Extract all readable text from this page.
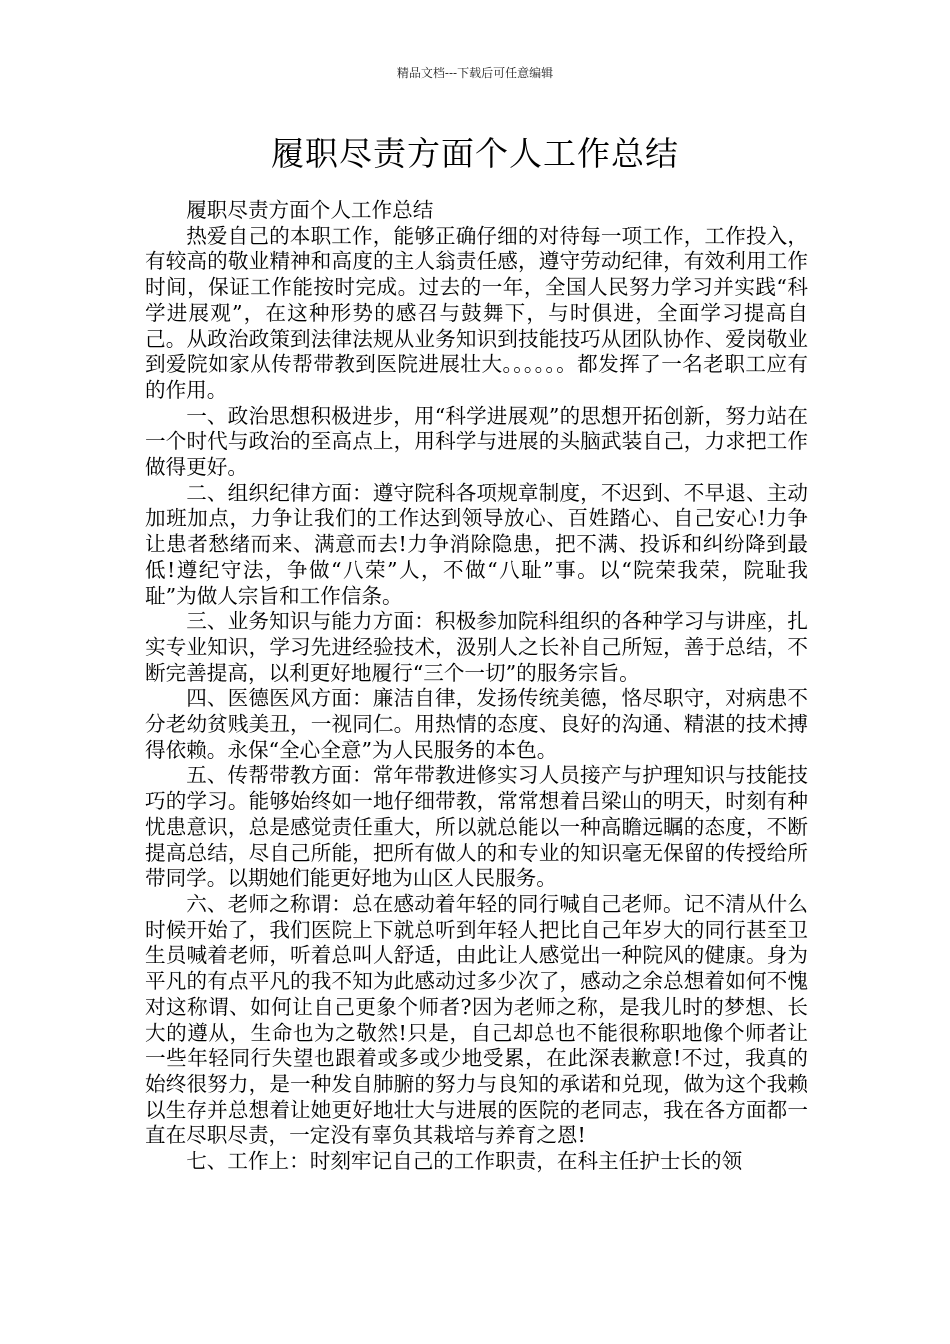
精品文档---下载后可任意编辑
履职尽责方面个人工作总结

履职尽责方面个人工作总结

热爱自己的本职工作，能够正确仔细的对待每一项工作，工作投入，有较高的敬业精神和高度的主人翁责任感，遵守劳动纪律，有效利用工作时间，保证工作能按时完成。过去的一年，全国人民努力学习并实践“科学进展观”，在这种形势的感召与鼓舞下，与时俱进，全面学习提高自己。从政治政策到法律法规从业务知识到技能技巧从团队协作、爱岗敬业到爱院如家从传帮带教到医院进展壮大。。。。。。都发挥了一名老职工应有的作用。

一、政治思想积极进步，用“科学进展观”的思想开拓创新，努力站在一个时代与政治的至高点上，用科学与进展的头脑武装自己，力求把工作做得更好。

二、组织纪律方面：遵守院科各项规章制度，不迟到、不早退、主动加班加点，力争让我们的工作达到领导放心、百姓踏心、自己安心!力争让患者愁绪而来、满意而去!力争消除隐患，把不满、投诉和纠纷降到最低!遵纪守法，争做“八荣”人，不做“八耻”事。以“院荣我荣，院耻我耻”为做人宗旨和工作信条。

三、业务知识与能力方面：积极参加院科组织的各种学习与讲座，扎实专业知识，学习先进经验技术，汲别人之长补自己所短，善于总结，不断完善提高，以利更好地履行“三个一切”的服务宗旨。

四、医德医风方面：廉洁自律，发扬传统美德，恪尽职守，对病患不分老幼贫贱美丑，一视同仁。用热情的态度、良好的沟通、精湛的技术搏得依赖。永保“全心全意”为人民服务的本色。

五、传帮带教方面：常年带教进修实习人员接产与护理知识与技能技巧的学习。能够始终如一地仔细带教，常常想着吕梁山的明天，时刻有种忧患意识，总是感觉责任重大，所以就总能以一种高瞻远瞩的态度，不断提高总结，尽自己所能，把所有做人的和专业的知识毫无保留的传授给所带同学。以期她们能更好地为山区人民服务。

六、老师之称谓：总在感动着年轻的同行喊自己老师。记不清从什么时候开始了，我们医院上下就总听到年轻人把比自己年岁大的同行甚至卫生员喊着老师，听着总叫人舒适，由此让人感觉出一种院风的健康。身为平凡的有点平凡的我不知为此感动过多少次了，感动之余总想着如何不愧对这称谓、如何让自己更象个师者?因为老师之称，是我儿时的梦想、长大的遵从，生命也为之敬然!只是，自己却总也不能很称职地像个师者让一些年轻同行失望也跟着或多或少地受累，在此深表歉意!不过，我真的始终很努力，是一种发自肺腑的努力与良知的承诺和兑现，做为这个我赖以生存并总想着让她更好地壮大与进展的医院的老同志，我在各方面都一直在尽职尽责，一定没有辜负其栽培与养育之恩!

七、工作上：时刻牢记自己的工作职责，在科主任护士长的领
